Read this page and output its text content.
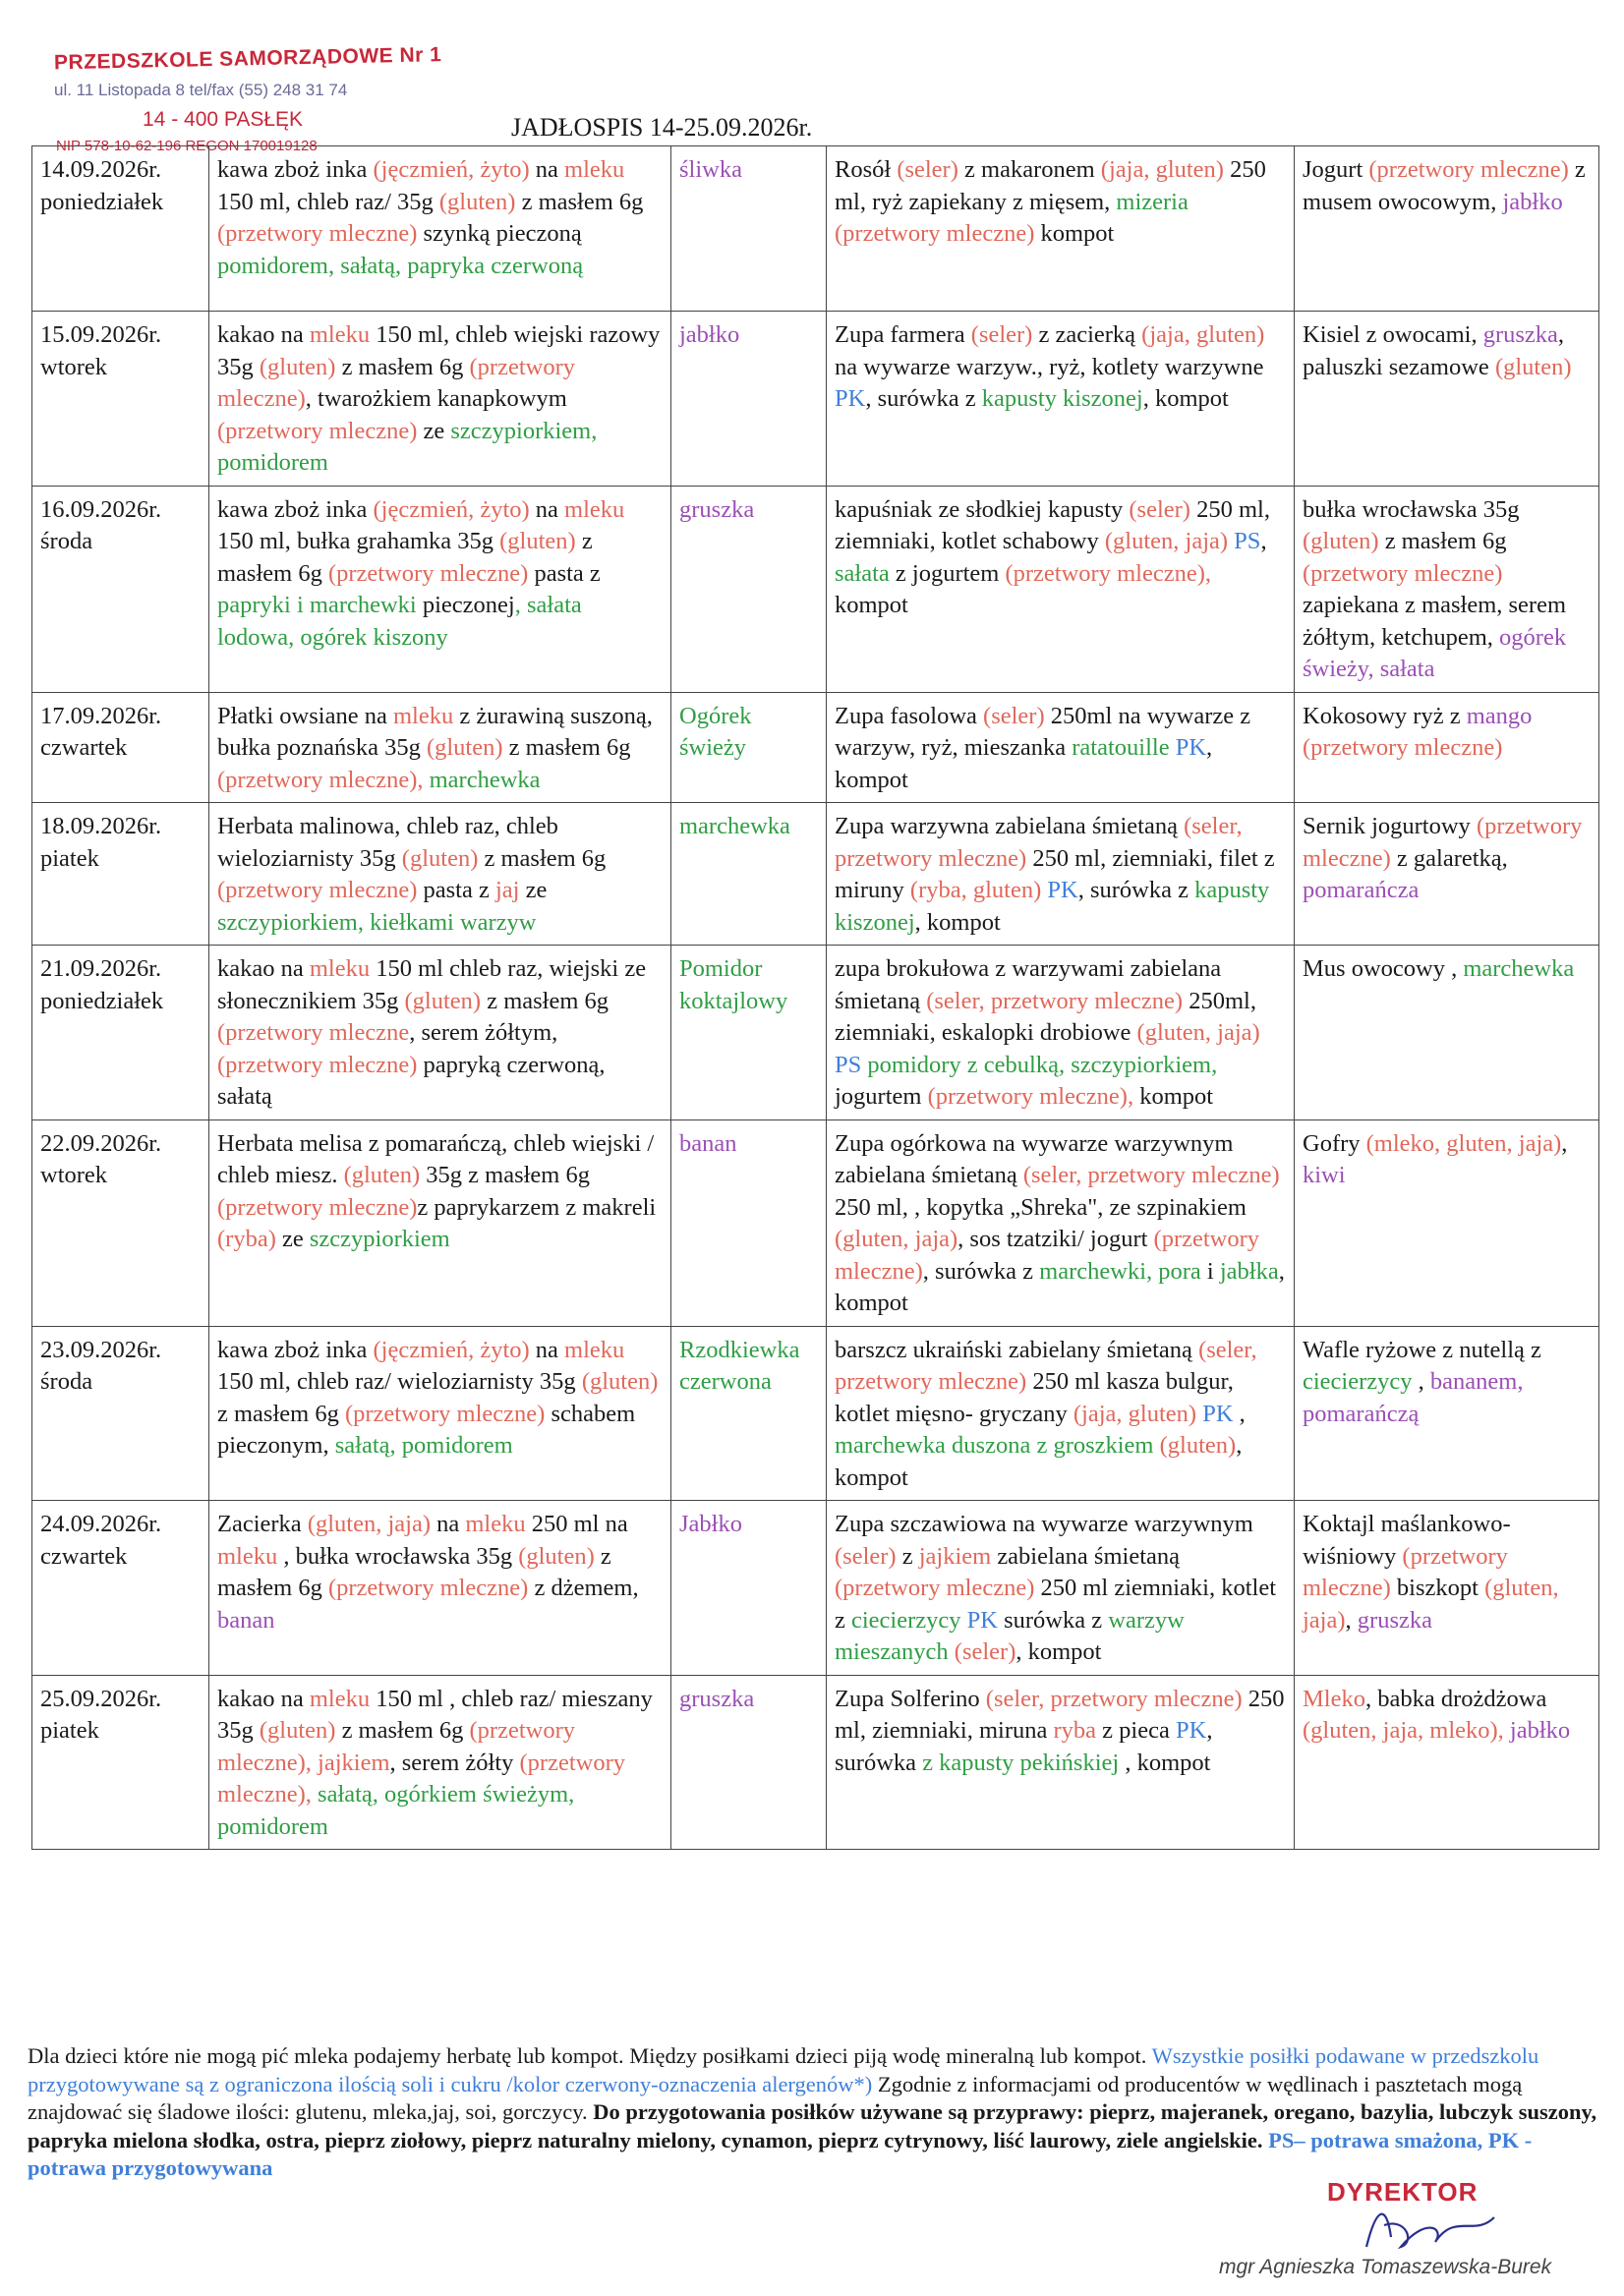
PRZEDSZKOLE SAMORZĄDOWE Nr 1
ul. 11 Listopada 8 tel/fax (55) 248 31 74
14 - 400 PASŁĘK
NIP 578-10-62-196 REGON 170019128
JADŁOSPIS 14-25.09.2026r.
14.09.2026r.
poniedziałek	kawa zboż inka (jęczmień, żyto) na mleku 150 ml, chleb raz/ 35g (gluten) z masłem 6g (przetwory mleczne) szynką pieczoną pomidorem, sałatą, papryka czerwoną	śliwka	Rosół (seler) z makaronem (jaja, gluten) 250 ml, ryż zapiekany z mięsem, mizeria (przetwory mleczne) kompot	Jogurt (przetwory mleczne) z musem owocowym, jabłko

15.09.2026r.
wtorek	kakao na mleku 150 ml, chleb wiejski razowy 35g (gluten) z masłem 6g (przetwory mleczne), twarożkiem kanapkowym (przetwory mleczne) ze szczypiorkiem, pomidorem	jabłko	Zupa farmera (seler) z zacierką (jaja, gluten) na wywarze warzyw., ryż, kotlety warzywne PK, surówka z kapusty kiszonej, kompot	Kisiel z owocami, gruszka, paluszki sezamowe (gluten)

16.09.2026r.
środa	kawa zboż inka (jęczmień, żyto) na mleku 150 ml, bułka grahamka 35g (gluten) z masłem 6g (przetwory mleczne) pasta z papryki i marchewki pieczonej, sałata lodowa, ogórek kiszony	gruszka	kapuśniak ze słodkiej kapusty (seler) 250 ml, ziemniaki, kotlet schabowy (gluten, jaja) PS, sałata z jogurtem (przetwory mleczne), kompot	bułka wrocławska 35g (gluten) z masłem 6g (przetwory mleczne) zapiekana z masłem, serem żółtym, ketchupem, ogórek świeży, sałata

17.09.2026r.
czwartek	Płatki owsiane na mleku z żurawiną suszoną, bułka poznańska 35g (gluten) z masłem 6g (przetwory mleczne), marchewka	Ogórek świeży	Zupa fasolowa (seler) 250ml na wywarze z warzyw, ryż, mieszanka ratatouille PK, kompot	Kokosowy ryż z mango (przetwory mleczne)

18.09.2026r.
piatek	Herbata malinowa, chleb raz, chleb wieloziarnisty 35g (gluten) z masłem 6g (przetwory mleczne) pasta z jaj ze szczypiorkiem, kiełkami warzyw	marchewka	Zupa warzywna zabielana śmietaną (seler, przetwory mleczne) 250 ml, ziemniaki, filet z miruny (ryba, gluten) PK, surówka z kapusty kiszonej, kompot	Sernik jogurtowy (przetwory mleczne) z galaretką, pomarańcza

21.09.2026r.
poniedziałek	kakao na mleku 150 ml chleb raz, wiejski ze słonecznikiem 35g (gluten) z masłem 6g (przetwory mleczne, serem żółtym, (przetwory mleczne) papryką czerwoną, sałatą	Pomidor koktajlowy	zupa brokułowa z warzywami zabielana śmietaną (seler, przetwory mleczne) 250ml, ziemniaki, eskalopki drobiowe (gluten, jaja) PS pomidory z cebulką, szczypiorkiem, jogurtem (przetwory mleczne), kompot	Mus owocowy , marchewka

22.09.2026r.
wtorek	Herbata melisa z pomarańczą, chleb wiejski / chleb miesz. (gluten) 35g z masłem 6g (przetwory mleczne)z paprykarzem z makreli (ryba) ze szczypiorkiem	banan	Zupa ogórkowa na wywarze warzywnym zabielana śmietaną (seler, przetwory mleczne) 250 ml, , kopytka „Shreka", ze szpinakiem (gluten, jaja), sos tzatziki/ jogurt (przetwory mleczne), surówka z marchewki, pora i jabłka, kompot	Gofry (mleko, gluten, jaja), kiwi

23.09.2026r.
środa	kawa zboż inka (jęczmień, żyto) na mleku 150 ml, chleb raz/ wieloziarnisty 35g (gluten) z masłem 6g (przetwory mleczne) schabem pieczonym, sałatą, pomidorem	Rzodkiewka czerwona	barszcz ukraiński zabielany śmietaną (seler, przetwory mleczne) 250 ml kasza bulgur, kotlet mięsno- gryczany (jaja, gluten) PK , marchewka duszona z groszkiem (gluten), kompot	Wafle ryżowe z nutellą z ciecierzycy , bananem, pomarańczą

24.09.2026r.
czwartek	Zacierka (gluten, jaja) na mleku 250 ml na mleku , bułka wrocławska 35g (gluten) z masłem 6g (przetwory mleczne) z dżemem, banan	Jabłko	Zupa szczawiowa na wywarze warzywnym (seler) z jajkiem zabielana śmietaną (przetwory mleczne) 250 ml ziemniaki, kotlet z ciecierzycy PK surówka z warzyw mieszanych (seler), kompot	Koktajl maślankowo-wiśniowy (przetwory mleczne) biszkopt (gluten, jaja), gruszka

25.09.2026r.
piatek	kakao na mleku 150 ml , chleb raz/ mieszany 35g (gluten) z masłem 6g (przetwory mleczne), jajkiem, serem żółty (przetwory mleczne), sałatą, ogórkiem świeżym, pomidorem	gruszka	Zupa Solferino (seler, przetwory mleczne) 250 ml, ziemniaki, miruna ryba z pieca PK, surówka z kapusty pekińskiej , kompot	Mleko, babka drożdżowa (gluten, jaja, mleko), jabłko
Dla dzieci które nie mogą pić mleka podajemy herbatę lub kompot. Między posiłkami dzieci piją wodę mineralną lub kompot. Wszystkie posiłki podawane w przedszkolu przygotowywane są z ograniczona ilością soli i cukru /kolor czerwony-oznaczenia alergenów*) Zgodnie z informacjami od producentów w wędlinach i pasztetach mogą znajdować się śladowe ilości: glutenu, mleka,jaj, soi, gorczycy. Do przygotowania posiłków używane są przyprawy: pieprz, majeranek, oregano, bazylia, lubczyk suszony, papryka mielona słodka, ostra, pieprz ziołowy, pieprz naturalny mielony, cynamon, pieprz cytrynowy, liść laurowy, ziele angielskie. PS– potrawa smażona, PK - potrawa przygotowywana
DYREKTOR
mgr Agnieszka Tomaszewska-Burek
